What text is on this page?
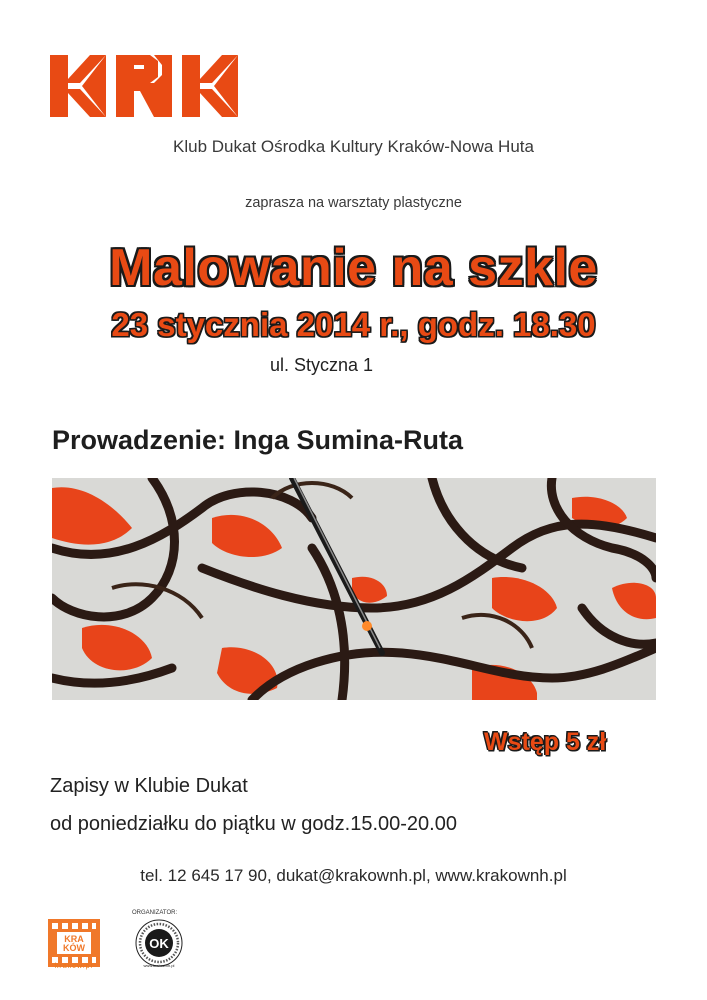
Klub Dukat Ośrodka Kultury Kraków-Nowa Huta
zaprasza na warsztaty plastyczne
Malowanie na szkle
23 stycznia 2014 r., godz. 18.30
ul. Styczna 1
Prowadzenie: Inga Sumina-Ruta
Wstęp 5 zł
Zapisy w Klubie Dukat
od poniedziałku do piątku w godz.15.00-20.00
tel. 12 645 17 90, dukat@krakownh.pl, www.krakownh.pl
KRA
KÓW
krakow.pl
ORGANIZATOR:
OK
www.krakownh.pl
